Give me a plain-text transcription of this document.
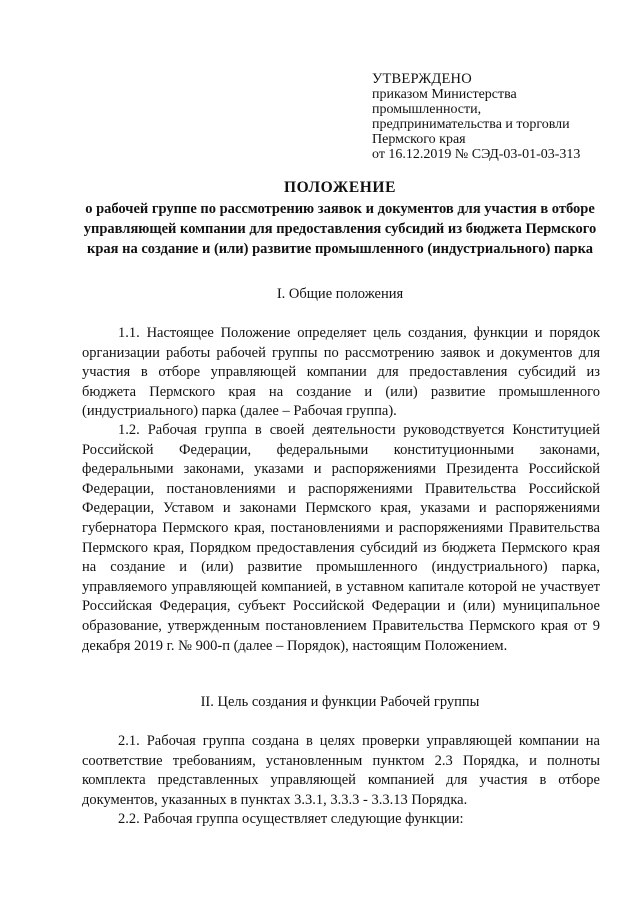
УТВЕРЖДЕНО
приказом Министерства
промышленности,
предпринимательства и торговли
Пермского края
от 16.12.2019 № СЭД-03-01-03-313
ПОЛОЖЕНИЕ
о рабочей группе по рассмотрению заявок и документов для участия в отборе управляющей компании для предоставления субсидий из бюджета Пермского края на создание и (или) развитие промышленного (индустриального) парка
I. Общие положения
1.1. Настоящее Положение определяет цель создания, функции и порядок организации работы рабочей группы по рассмотрению заявок и документов для участия в отборе управляющей компании для предоставления субсидий из бюджета Пермского края на создание и (или) развитие промышленного (индустриального) парка (далее – Рабочая группа).
1.2. Рабочая группа в своей деятельности руководствуется Конституцией Российской Федерации, федеральными конституционными законами, федеральными законами, указами и распоряжениями Президента Российской Федерации, постановлениями и распоряжениями Правительства Российской Федерации, Уставом и законами Пермского края, указами и распоряжениями губернатора Пермского края, постановлениями и распоряжениями Правительства Пермского края, Порядком предоставления субсидий из бюджета Пермского края на создание и (или) развитие промышленного (индустриального) парка, управляемого управляющей компанией, в уставном капитале которой не участвует Российская Федерация, субъект Российской Федерации и (или) муниципальное образование, утвержденным постановлением Правительства Пермского края от 9 декабря 2019 г. № 900-п (далее – Порядок), настоящим Положением.
II. Цель создания и функции Рабочей группы
2.1. Рабочая группа создана в целях проверки управляющей компании на соответствие требованиям, установленным пунктом 2.3 Порядка, и полноты комплекта представленных управляющей компанией для участия в отборе документов, указанных в пунктах 3.3.1, 3.3.3 - 3.3.13 Порядка.
2.2. Рабочая группа осуществляет следующие функции:
